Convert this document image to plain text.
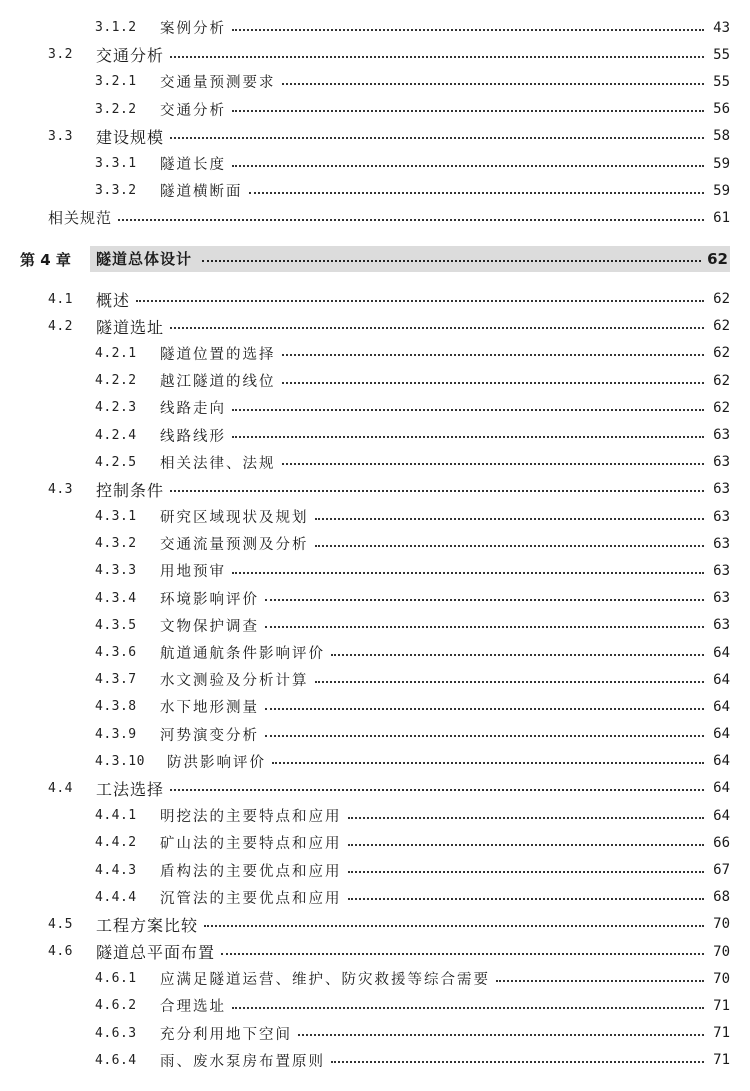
3.1.2 案例分析	43
3.2 交通分析	55
3.2.1 交通量预测要求	55
3.2.2 交通分析	56
3.3 建设规模	58
3.3.1 隧道长度	59
3.3.2 隧道横断面	59
相关规范	61
第 4 章	隧道总体设计	62
4.1 概述	62
4.2 隧道选址	62
4.2.1 隧道位置的选择	62
4.2.2 越江隧道的线位	62
4.2.3 线路走向	62
4.2.4 线路线形	63
4.2.5 相关法律、法规	63
4.3 控制条件	63
4.3.1 研究区域现状及规划	63
4.3.2 交通流量预测及分析	63
4.3.3 用地预审	63
4.3.4 环境影响评价	63
4.3.5 文物保护调查	63
4.3.6 航道通航条件影响评价	64
4.3.7 水文测验及分析计算	64
4.3.8 水下地形测量	64
4.3.9 河势演变分析	64
4.3.10 防洪影响评价	64
4.4 工法选择	64
4.4.1 明挖法的主要特点和应用	64
4.4.2 矿山法的主要特点和应用	66
4.4.3 盾构法的主要优点和应用	67
4.4.4 沉管法的主要优点和应用	68
4.5 工程方案比较	70
4.6 隧道总平面布置	70
4.6.1 应满足隧道运营、维护、防灾救援等综合需要	70
4.6.2 合理选址	71
4.6.3 充分利用地下空间	71
4.6.4 雨、废水泵房布置原则	71
